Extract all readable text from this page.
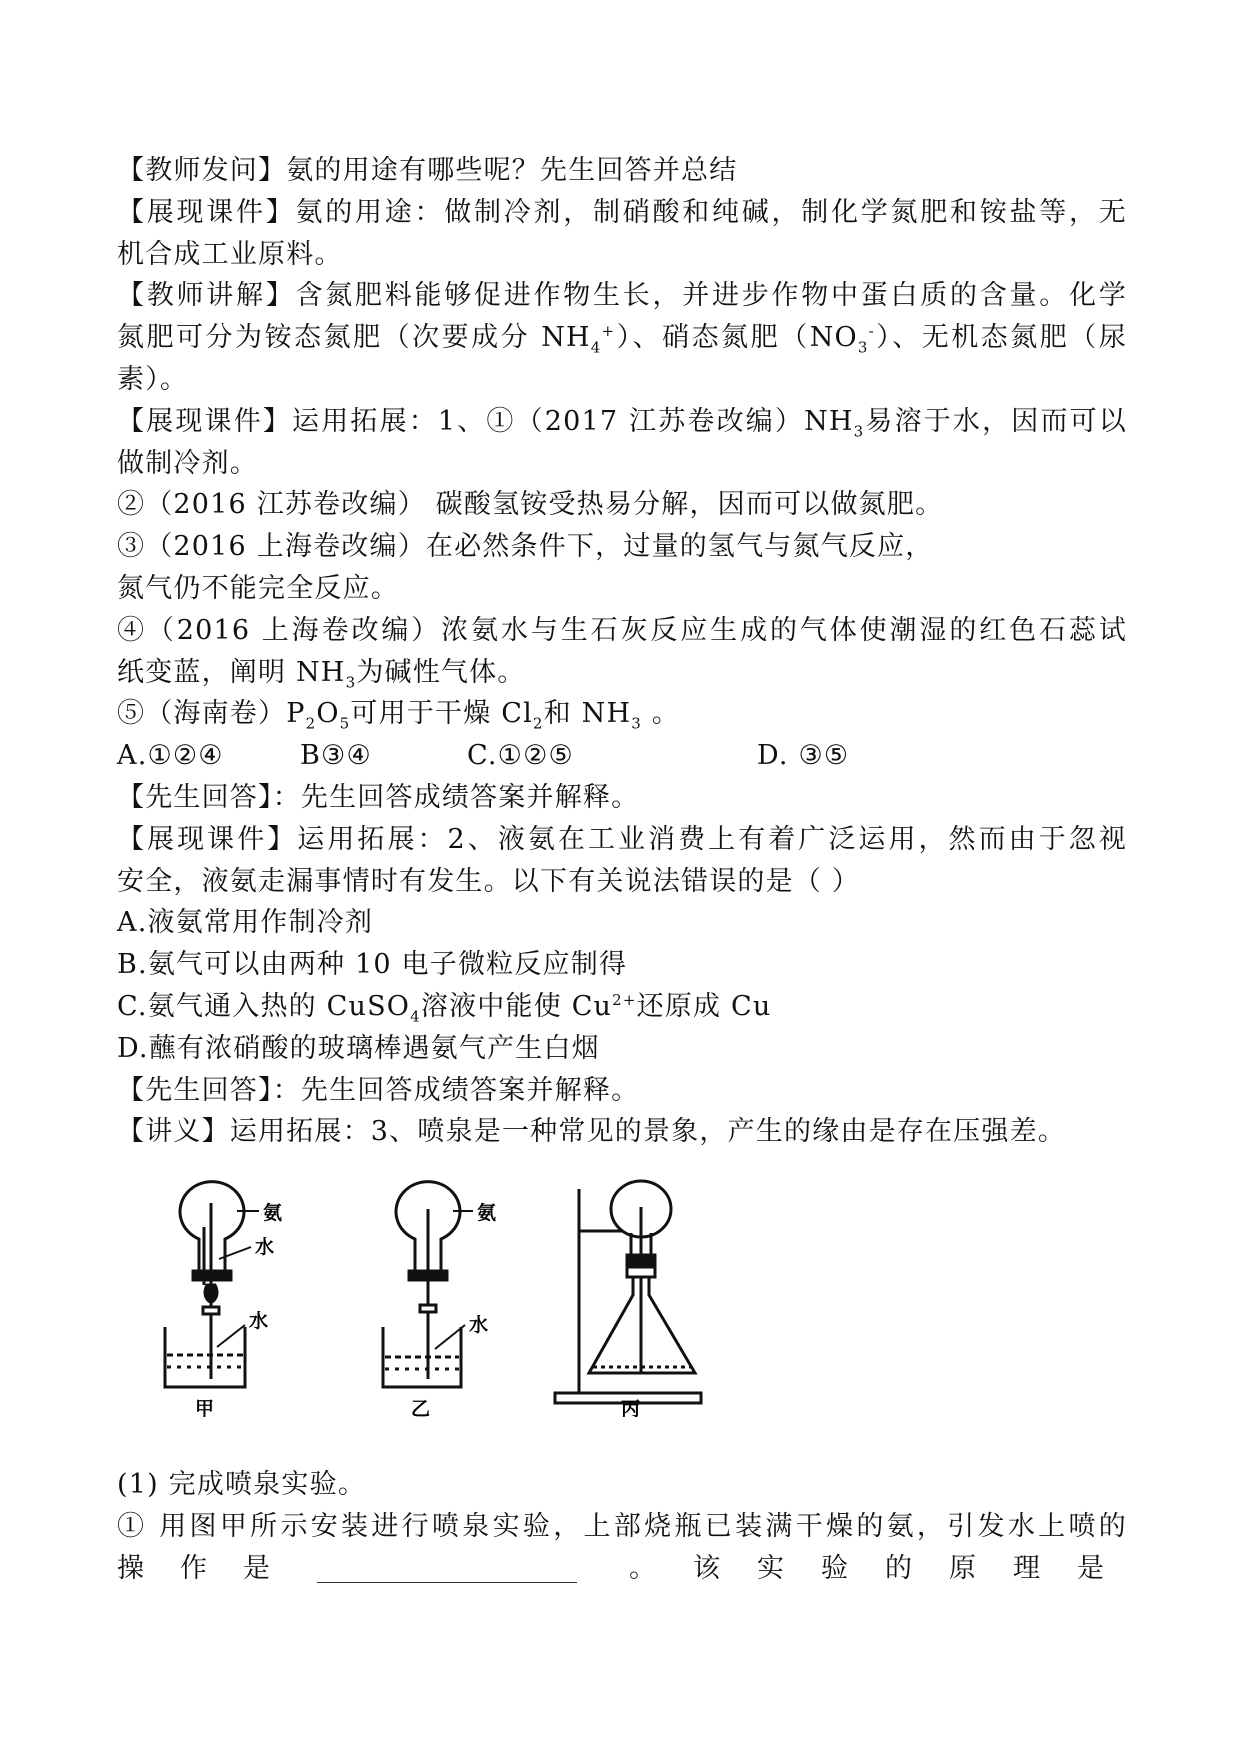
【教师发问】氨的用途有哪些呢？先生回答并总结
【展现课件】氨的用途：做制冷剂，制硝酸和纯碱，制化学氮肥和铵盐等，无
机合成工业原料。
【教师讲解】含氮肥料能够促进作物生长，并进步作物中蛋白质的含量。化学
氮肥可分为铵态氮肥（次要成分 $NH_4^+$）、硝态氮肥$(NO_3^-)$、无机态氮肥（尿
素）。
【展现课件】运用拓展：1、①（2017 江苏卷改编）$NH_3$易溶于水，因而可以
做制冷剂。
②（2016 江苏卷改编） 碳酸氢铵受热易分解，因而可以做氮肥。
③（2016 上海卷改编）在必然条件下，过量的氢气与氮气反应，
氮气仍不能完全反应。
④（2016 上海卷改编）浓氨水与生石灰反应生成的气体使潮湿的红色石蕊试
纸变蓝，阐明 $NH_3$为碱性气体。
⑤（海南卷）$P_2O_5$可用于干燥 $Cl_2$和 $NH_3$ 。
A.①②④	B③④	C.①②⑤	D. ③⑤
【先生回答】：先生回答成绩答案并解释。
【展现课件】运用拓展：2、液氨在工业消费上有着广泛运用，然而由于忽视
安全，液氨走漏事情时有发生。以下有关说法错误的是（ ）
A.液氨常用作制冷剂
B.氨气可以由两种 10 电子微粒反应制得
C.氨气通入热的 CuSO$_4$溶液中能使 $Cu^{2+}$还原成 Cu
D.蘸有浓硝酸的玻璃棒遇氨气产生白烟
【先生回答】：先生回答成绩答案并解释。
【讲义】运用拓展：3、喷泉是一种常见的景象，产生的缘由是存在压强差。
氨
水
水
甲
氨
水
乙	丙
(1) 完成喷泉实验。
① 用图甲所示安装进行喷泉实验，上部烧瓶已装满干燥的氨，引发水上喷的
操作是	。该实验的原理是
